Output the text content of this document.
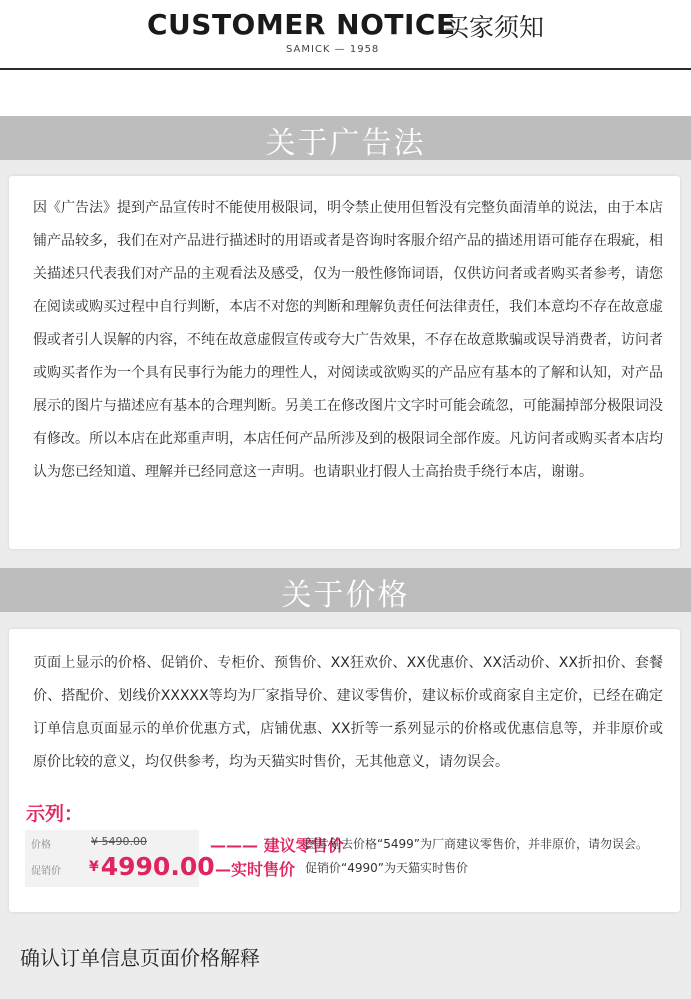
CUSTOMER NOTICE
SAMICK — 1958
买家须知
关于广告法
因《广告法》提到产品宣传时不能使用极限词，明令禁止使用但暂没有完整负面清单的说法，由于本店铺产品较多，我们在对产品进行描述时的用语或者是咨询时客服介绍产品的描述用语可能存在瑕疵，相关描述只代表我们对产品的主观看法及感受，仅为一般性修饰词语，仅供访问者或者购买者参考，请您在阅读或购买过程中自行判断，本店不对您的判断和理解负责任何法律责任，我们本意均不存在故意虚假或者引人误解的内容，不纯在故意虚假宣传或夸大广告效果，不存在故意欺骗或误导消费者，访问者或购买者作为一个具有民事行为能力的理性人，对阅读或欲购买的产品应有基本的了解和认知，对产品展示的图片与描述应有基本的合理判断。另美工在修改图片文字时可能会疏忽，可能漏掉部分极限词没有修改。所以本店在此郑重声明，本店任何产品所涉及到的极限词全部作废。凡访问者或购买者本店均认为您已经知道、理解并已经同意这一声明。也请职业打假人士高抬贵手绕行本店，谢谢。
关于价格
页面上显示的价格、促销价、专柜价、预售价、XX狂欢价、XX优惠价、XX活动价、XX折扣价、套餐价、搭配价、划线价XXXXX等均为厂家指导价、建议零售价，建议标价或商家自主定价，已经在确定订单信息页面显示的单价优惠方式，店铺优惠、XX折等一系列显示的价格或优惠信息等，并非原价或原价比较的意义，均仅供参考，均为天猫实时售价，无其他意义，请勿误会。
示列：
价格
促销价
¥ 5490.00
¥4990.00
——— 建议零售价
—实时售价
图片划去价格“5499”为厂商建议零售价，并非原价，请勿误会。
促销价“4990”为天猫实时售价
确认订单信息页面价格解释
